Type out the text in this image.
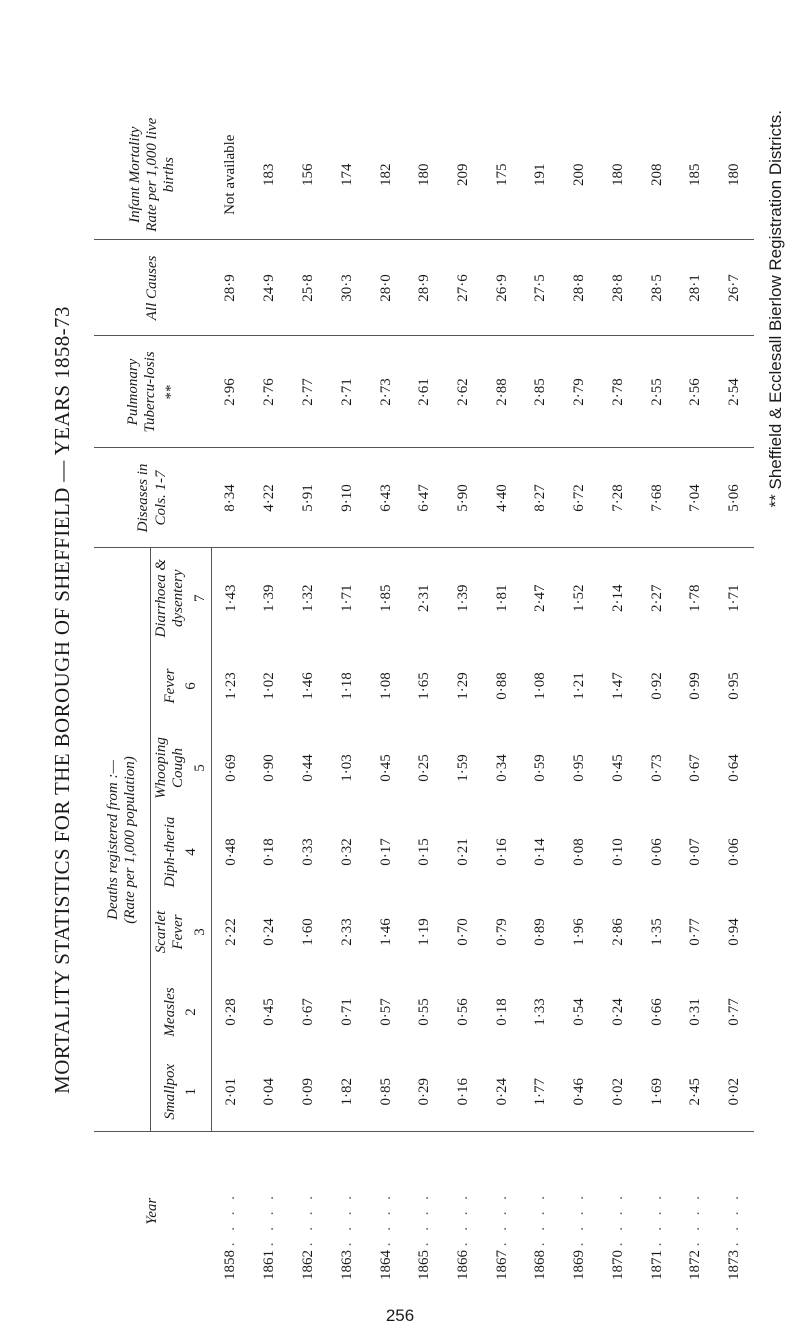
MORTALITY STATISTICS FOR THE BOROUGH OF SHEFFIELD — YEARS 1858-73
Year	Deaths registered from :—
(Rate per 1,000 population)							Diseases in Cols. 1-7	Pulmonary Tubercu-losis **	All Causes	Infant Mortality Rate per 1,000 live births
	Smallpox 1	Measles 2	Scarlet Fever 3	Diph-theria 4	Whooping Cough 5	Fever 6	Diarrhoea & dysentery 7				

1858 . . . .	2·01	0·28	2·22	0·48	0·69	1·23	1·43	8·34	2·96	28·9	Not available
1861 . . . .	0·04	0·45	0·24	0·18	0·90	1·02	1·39	4·22	2·76	24·9	183
1862 . . . .	0·09	0·67	1·60	0·33	0·44	1·46	1·32	5·91	2·77	25·8	156
1863 . . . .	1·82	0·71	2·33	0·32	1·03	1·18	1·71	9·10	2·71	30·3	174
1864 . . . .	0·85	0·57	1·46	0·17	0·45	1·08	1·85	6·43	2·73	28·0	182
1865 . . . .	0·29	0·55	1·19	0·15	0·25	1·65	2·31	6·47	2·61	28·9	180
1866 . . . .	0·16	0·56	0·70	0·21	1·59	1·29	1·39	5·90	2·62	27·6	209
1867 . . . .	0·24	0·18	0·79	0·16	0·34	0·88	1·81	4·40	2·88	26·9	175
1868 . . . .	1·77	1·33	0·89	0·14	0·59	1·08	2·47	8·27	2·85	27·5	191
1869 . . . .	0·46	0·54	1·96	0·08	0·95	1·21	1·52	6·72	2·79	28·8	200
1870 . . . .	0·02	0·24	2·86	0·10	0·45	1·47	2·14	7·28	2·78	28·8	180
1871 . . . .	1·69	0·66	1·35	0·06	0·73	0·92	2·27	7·68	2·55	28·5	208
1872 . . . .	2·45	0·31	0·77	0·07	0·67	0·99	1·78	7·04	2·56	28·1	185
1873 . . . .	0·02	0·77	0·94	0·06	0·64	0·95	1·71	5·06	2·54	26·7	180 ** Sheffield & Ecclesall Bierlow Registration Districts.
256
